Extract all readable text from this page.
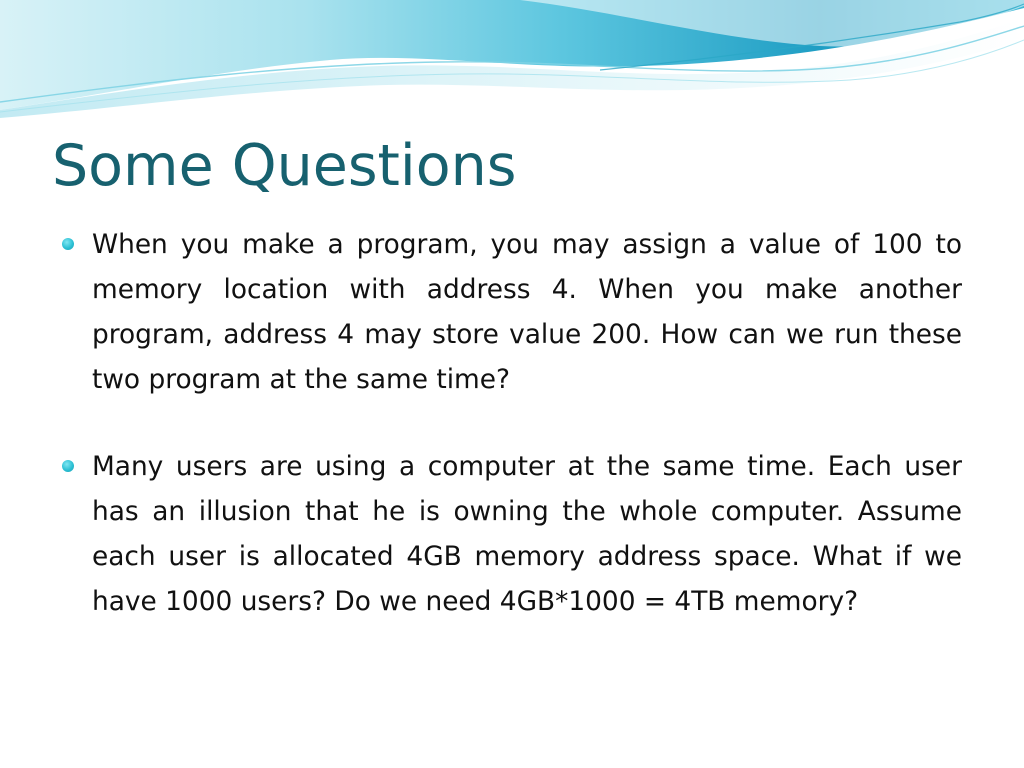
Some Questions
When you make a program, you may assign a value of 100 to memory location with address 4. When you make another program, address 4 may store value 200. How can we run these two program at the same time?
Many users are using a computer at the same time. Each user has an illusion that he is owning the whole computer. Assume each user is allocated 4GB memory address space. What if we have 1000 users? Do we need 4GB*1000 = 4TB memory?
